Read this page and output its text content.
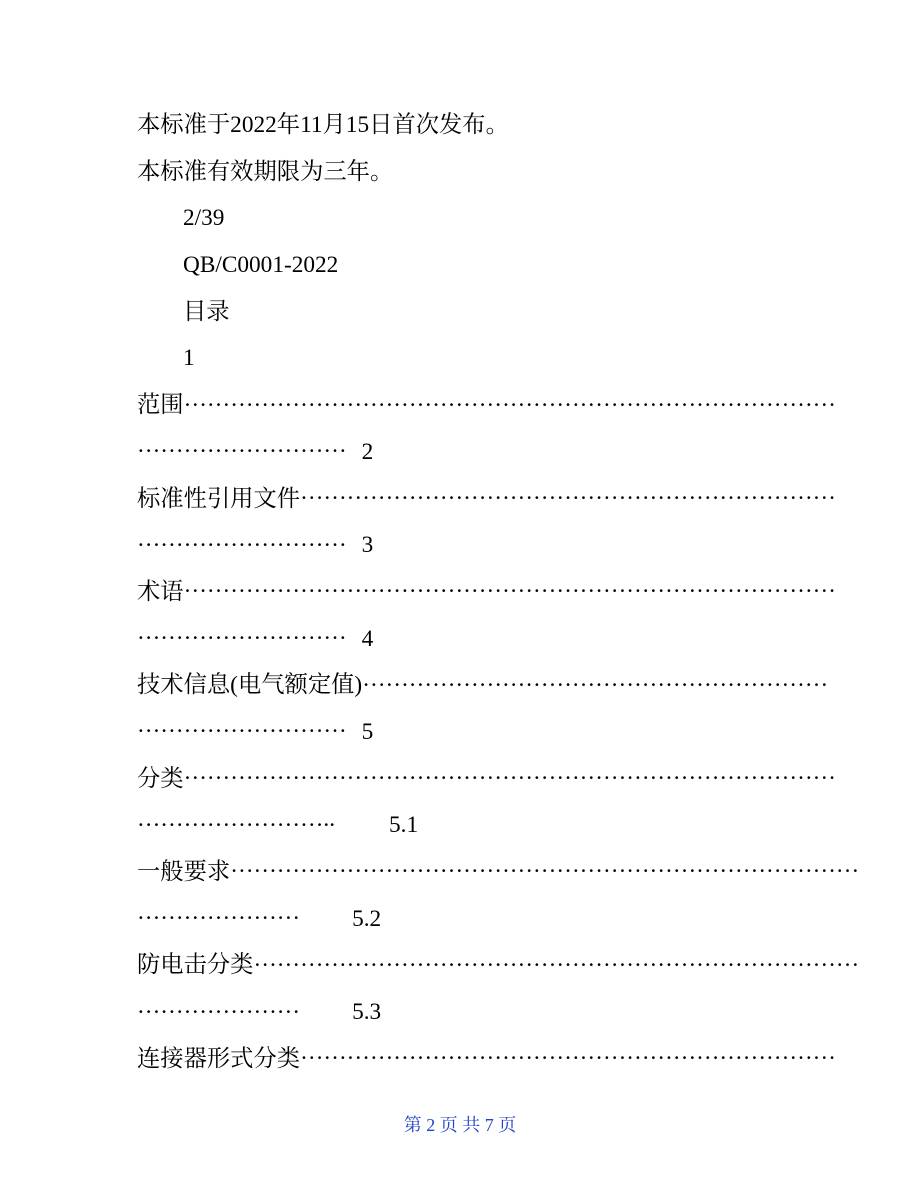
本标准于2022年11月15日首次发布。
本标准有效期限为三年。
2/39
QB/C0001-2022
目录
1
范围…………………………………………………………………………
……………………… 2
标准性引用文件……………………………………………………………
……………………… 3
术语…………………………………………………………………………
……………………… 4
技术信息(电气额定值)……………………………………………………
……………………… 5
分类…………………………………………………………………………
…………………….. 5.1
一般要求………………………………………………………………………
………………… 5.2
防电击分类……………………………………………………………………
………………… 5.3
连接器形式分类……………………………………………………………
第 2 页 共 7 页
